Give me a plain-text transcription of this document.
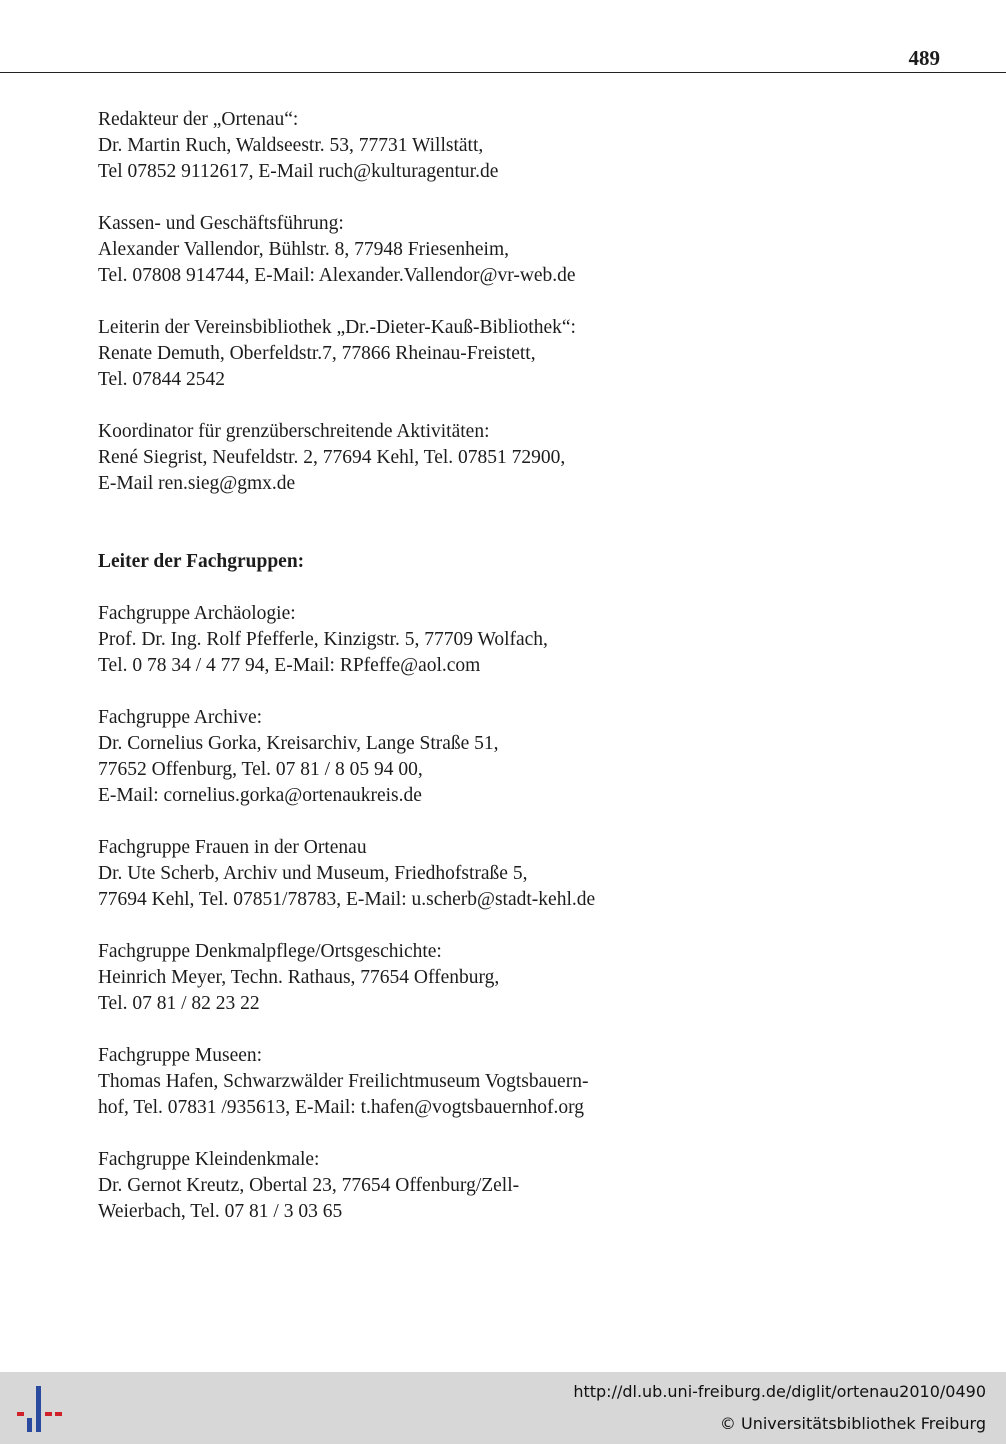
489
Redakteur der „Ortenau“:
Dr. Martin Ruch, Waldseestr. 53, 77731 Willstätt,
Tel 07852 9112617, E-Mail ruch@kulturagentur.de
Kassen- und Geschäftsführung:
Alexander Vallendor, Bühlstr. 8, 77948 Friesenheim,
Tel. 07808 914744, E-Mail: Alexander.Vallendor@vr-web.de
Leiterin der Vereinsbibliothek „Dr.-Dieter-Kauß-Bibliothek“:
Renate Demuth, Oberfeldstr.7, 77866 Rheinau-Freistett,
Tel. 07844 2542
Koordinator für grenzüberschreitende Aktivitäten:
René Siegrist, Neufeldstr. 2, 77694 Kehl, Tel. 07851 72900,
E-Mail ren.sieg@gmx.de
Leiter der Fachgruppen:
Fachgruppe Archäologie:
Prof. Dr. Ing. Rolf Pfefferle, Kinzigstr. 5, 77709 Wolfach,
Tel. 0 78 34 / 4 77 94, E-Mail: RPfeffe@aol.com
Fachgruppe Archive:
Dr. Cornelius Gorka, Kreisarchiv, Lange Straße 51,
77652 Offenburg, Tel. 07 81 / 8 05 94 00,
E-Mail: cornelius.gorka@ortenaukreis.de
Fachgruppe Frauen in der Ortenau
Dr. Ute Scherb, Archiv und Museum, Friedhofstraße 5,
77694 Kehl, Tel. 07851/78783, E-Mail: u.scherb@stadt-kehl.de
Fachgruppe Denkmalpflege/Ortsgeschichte:
Heinrich Meyer, Techn. Rathaus, 77654 Offenburg,
Tel. 07 81 / 82 23 22
Fachgruppe Museen:
Thomas Hafen, Schwarzwälder Freilichtmuseum Vogtsbauern-
hof, Tel. 07831 /935613, E-Mail: t.hafen@vogtsbauernhof.org
Fachgruppe Kleindenkmale:
Dr. Gernot Kreutz, Obertal 23, 77654 Offenburg/Zell-
Weierbach, Tel. 07 81 / 3 03 65
http://dl.ub.uni-freiburg.de/diglit/ortenau2010/0490
© Universitätsbibliothek Freiburg
